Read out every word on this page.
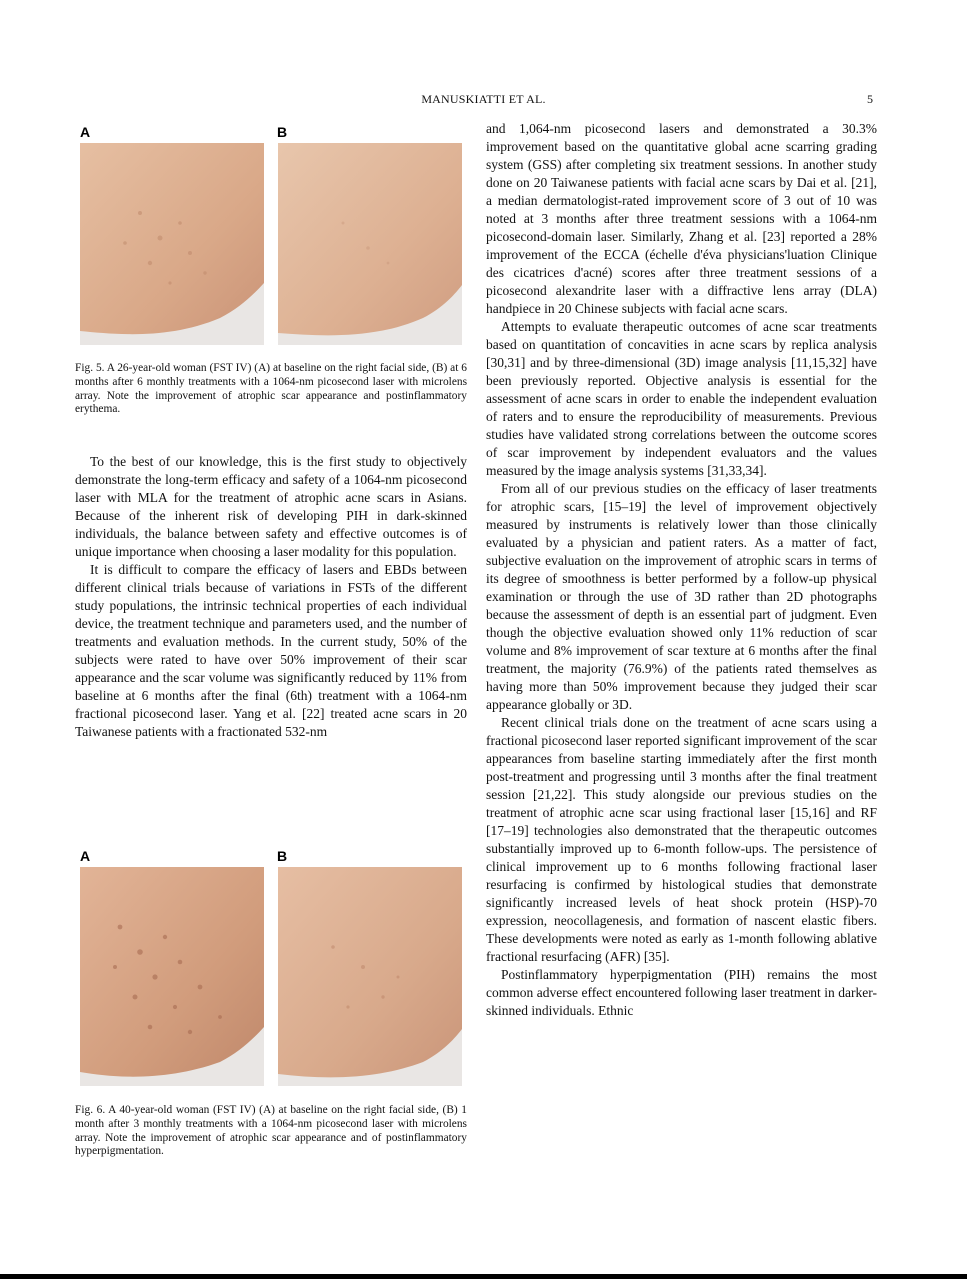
MANUSKIATTI ET AL.	5
A	B
Fig. 5. A 26-year-old woman (FST IV) (A) at baseline on the right facial side, (B) at 6 months after 6 monthly treatments with a 1064-nm picosecond laser with microlens array. Note the improvement of atrophic scar appearance and postinflammatory erythema.

To the best of our knowledge, this is the first study to objectively demonstrate the long-term efficacy and safety of a 1064-nm picosecond laser with MLA for the treatment of atrophic acne scars in Asians. Because of the inherent risk of developing PIH in dark-skinned individuals, the balance between safety and effective outcomes is of unique importance when choosing a laser modality for this population.

It is difficult to compare the efficacy of lasers and EBDs between different clinical trials because of variations in FSTs of the different study populations, the intrinsic technical properties of each individual device, the treatment technique and parameters used, and the number of treatments and evaluation methods. In the current study, 50% of the subjects were rated to have over 50% improvement of their scar appearance and the scar volume was significantly reduced by 11% from baseline at 6 months after the final (6th) treatment with a 1064-nm fractional picosecond laser. Yang et al. [22] treated acne scars in 20 Taiwanese patients with a fractionated 532-nm

A	B
Fig. 6. A 40-year-old woman (FST IV) (A) at baseline on the right facial side, (B) 1 month after 3 monthly treatments with a 1064-nm picosecond laser with microlens array. Note the improvement of atrophic scar appearance and of postinflammatory hyperpigmentation.

and 1,064-nm picosecond lasers and demonstrated a 30.3% improvement based on the quantitative global acne scarring grading system (GSS) after completing six treatment sessions. In another study done on 20 Taiwanese patients with facial acne scars by Dai et al. [21], a median dermatologist-rated improvement score of 3 out of 10 was noted at 3 months after three treatment sessions with a 1064-nm picosecond-domain laser. Similarly, Zhang et al. [23] reported a 28% improvement of the ECCA (échelle d'éva physicians'luation Clinique des cicatrices d'acné) scores after three treatment sessions of a picosecond alexandrite laser with a diffractive lens array (DLA) handpiece in 20 Chinese subjects with facial acne scars.

Attempts to evaluate therapeutic outcomes of acne scar treatments based on quantitation of concavities in acne scars by replica analysis [30,31] and by three-dimensional (3D) image analysis [11,15,32] have been previously reported. Objective analysis is essential for the assessment of acne scars in order to enable the independent evaluation of raters and to ensure the reproducibility of measurements. Previous studies have validated strong correlations between the outcome scores of scar improvement by independent evaluators and the values measured by the image analysis systems [31,33,34].

From all of our previous studies on the efficacy of laser treatments for atrophic scars, [15–19] the level of improvement objectively measured by instruments is relatively lower than those clinically evaluated by a physician and patient raters. As a matter of fact, subjective evaluation on the improvement of atrophic scars in terms of its degree of smoothness is better performed by a follow-up physical examination or through the use of 3D rather than 2D photographs because the assessment of depth is an essential part of judgment. Even though the objective evaluation showed only 11% reduction of scar volume and 8% improvement of scar texture at 6 months after the final treatment, the majority (76.9%) of the patients rated themselves as having more than 50% improvement because they judged their scar appearance globally or 3D.

Recent clinical trials done on the treatment of acne scars using a fractional picosecond laser reported significant improvement of the scar appearances from baseline starting immediately after the first month post-treatment and progressing until 3 months after the final treatment session [21,22]. This study alongside our previous studies on the treatment of atrophic acne scar using fractional laser [15,16] and RF [17–19] technologies also demonstrated that the therapeutic outcomes substantially improved up to 6-month follow-ups. The persistence of clinical improvement up to 6 months following fractional laser resurfacing is confirmed by histological studies that demonstrate significantly increased levels of heat shock protein (HSP)-70 expression, neocollagenesis, and formation of nascent elastic fibers. These developments were noted as early as 1-month following ablative fractional resurfacing (AFR) [35].

Postinflammatory hyperpigmentation (PIH) remains the most common adverse effect encountered following laser treatment in darker-skinned individuals. Ethnic
